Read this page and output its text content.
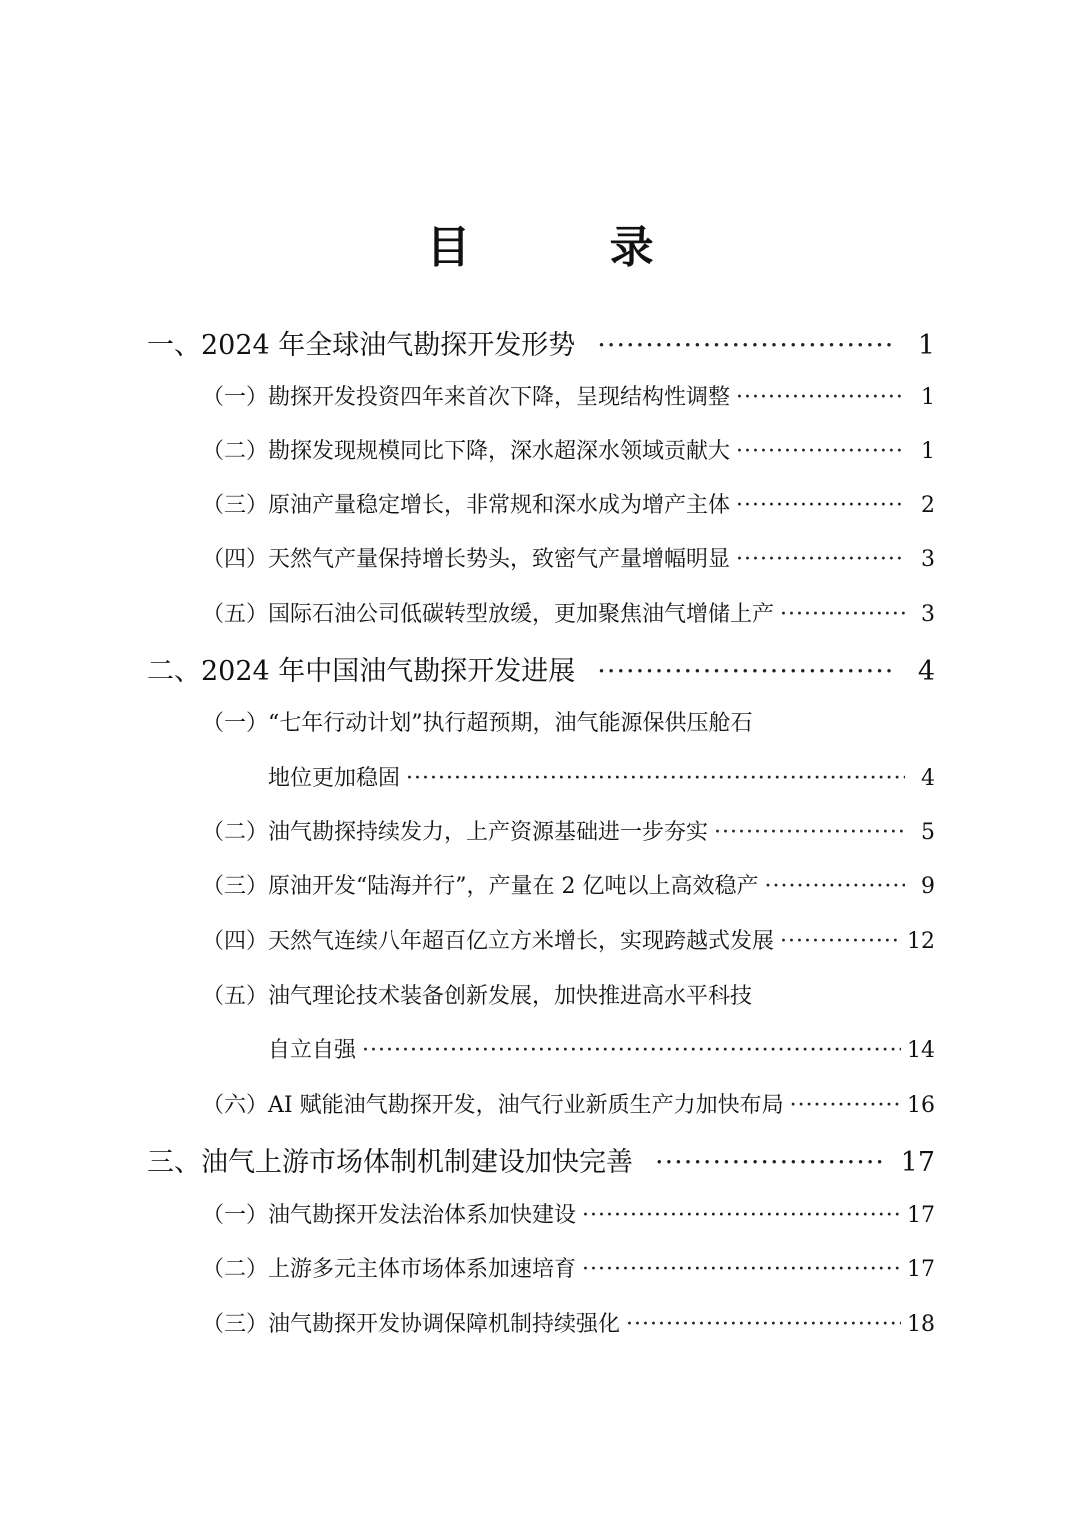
目 录
一、2024 年全球油气勘探开发形势 ·····	1
（一）勘探开发投资四年来首次下降，呈现结构性调整 ·····	1
（二）勘探发现规模同比下降，深水超深水领域贡献大 ·····	1
（三）原油产量稳定增长，非常规和深水成为增产主体 ·····	2
（四）天然气产量保持增长势头，致密气产量增幅明显 ·····	3
（五）国际石油公司低碳转型放缓，更加聚焦油气增储上产 ·····	3
二、2024 年中国油气勘探开发进展 ·····	4
（一）“七年行动计划”执行超预期，油气能源保供压舱石
地位更加稳固 ·····	4
（二）油气勘探持续发力，上产资源基础进一步夯实 ·····	5
（三）原油开发“陆海并行”，产量在 2 亿吨以上高效稳产 ·····	9
（四）天然气连续八年超百亿立方米增长，实现跨越式发展 ·····	12
（五）油气理论技术装备创新发展，加快推进高水平科技
自立自强 ·····	14
（六）AI 赋能油气勘探开发，油气行业新质生产力加快布局 ·····	16
三、油气上游市场体制机制建设加快完善 ·····	17
（一）油气勘探开发法治体系加快建设 ·····	17
（二）上游多元主体市场体系加速培育 ·····	17
（三）油气勘探开发协调保障机制持续强化 ·····	18
